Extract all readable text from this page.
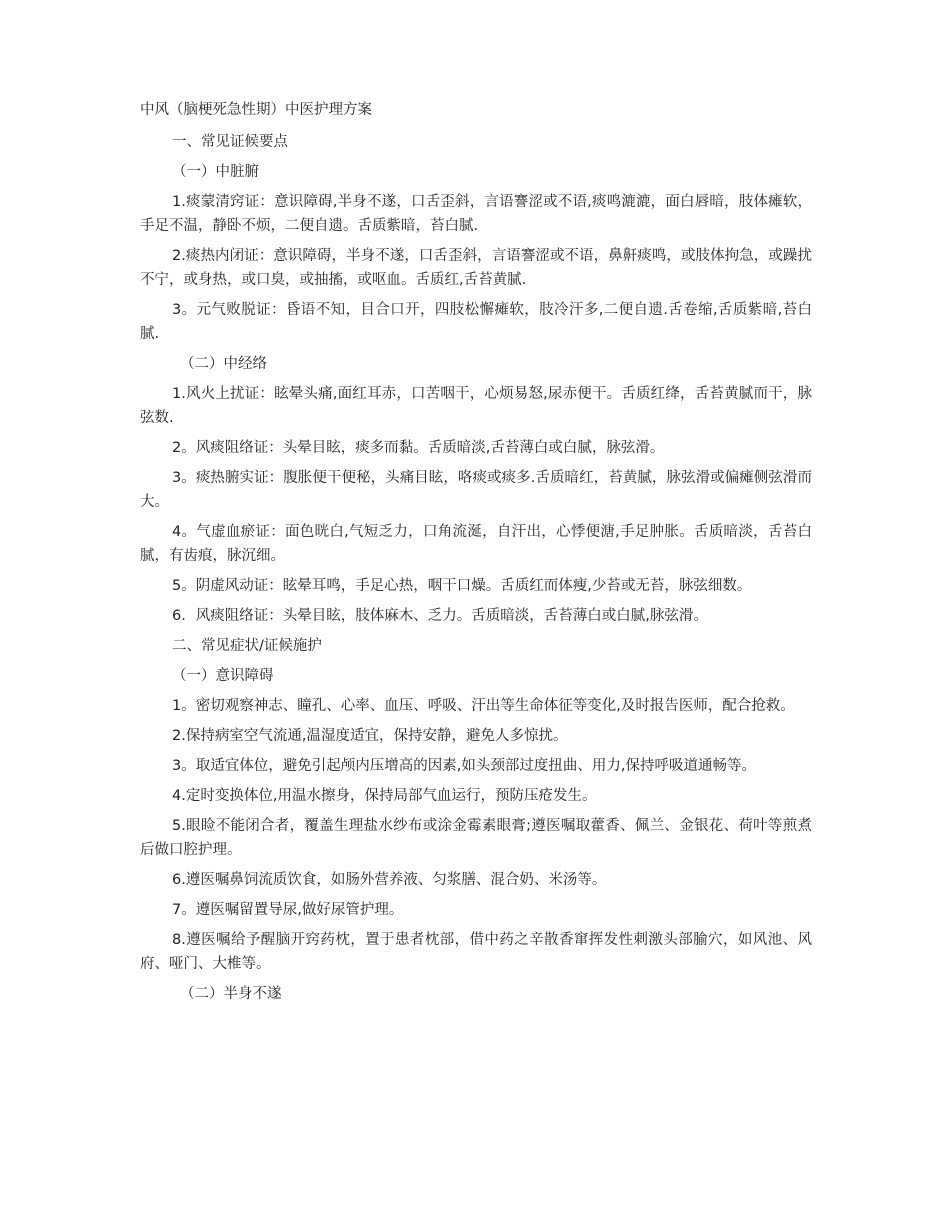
中风（脑梗死急性期）中医护理方案

一、常见证候要点

（一）中脏腑

1.痰蒙清窍证：意识障碍,半身不遂，口舌歪斜，言语謇涩或不语,痰鸣漉漉，面白唇暗，肢体瘫软，手足不温，静卧不烦，二便自遗。舌质紫暗，苔白腻.

2.痰热内闭证：意识障碍，半身不遂，口舌歪斜，言语謇涩或不语，鼻鼾痰鸣，或肢体拘急，或躁扰不宁，或身热，或口臭，或抽搐，或呕血。舌质红,舌苔黄腻.

3。元气败脱证：昏语不知，目合口开，四肢松懈瘫软，肢冷汗多,二便自遗.舌卷缩,舌质紫暗,苔白腻.

（二）中经络

1.风火上扰证：眩晕头痛,面红耳赤，口苦咽干，心烦易怒,尿赤便干。舌质红绛，舌苔黄腻而干，脉弦数.

2。风痰阻络证：头晕目眩，痰多而黏。舌质暗淡,舌苔薄白或白腻，脉弦滑。

3。痰热腑实证：腹胀便干便秘，头痛目眩，咯痰或痰多.舌质暗红，苔黄腻，脉弦滑或偏瘫侧弦滑而大。

4。气虚血瘀证：面色晄白,气短乏力，口角流涎，自汗出，心悸便溏,手足肿胀。舌质暗淡，舌苔白腻，有齿痕，脉沉细。

5。阴虚风动证：眩晕耳鸣，手足心热，咽干口燥。舌质红而体瘦,少苔或无苔，脉弦细数。

6．风痰阻络证：头晕目眩，肢体麻木、乏力。舌质暗淡，舌苔薄白或白腻,脉弦滑。

二、常见症状/证候施护

（一）意识障碍

1。密切观察神志、瞳孔、心率、血压、呼吸、汗出等生命体征等变化,及时报告医师，配合抢救。

2.保持病室空气流通,温湿度适宜，保持安静，避免人多惊扰。

3。取适宜体位，避免引起颅内压增高的因素,如头颈部过度扭曲、用力,保持呼吸道通畅等。

4.定时变换体位,用温水擦身，保持局部气血运行，预防压疮发生。

5.眼睑不能闭合者，覆盖生理盐水纱布或涂金霉素眼膏;遵医嘱取藿香、佩兰、金银花、荷叶等煎煮后做口腔护理。

6.遵医嘱鼻饲流质饮食，如肠外营养液、匀浆膳、混合奶、米汤等。

7。遵医嘱留置导尿,做好尿管护理。

8.遵医嘱给予醒脑开窍药枕，置于患者枕部，借中药之辛散香窜挥发性刺激头部腧穴，如风池、风府、哑门、大椎等。

（二）半身不遂
